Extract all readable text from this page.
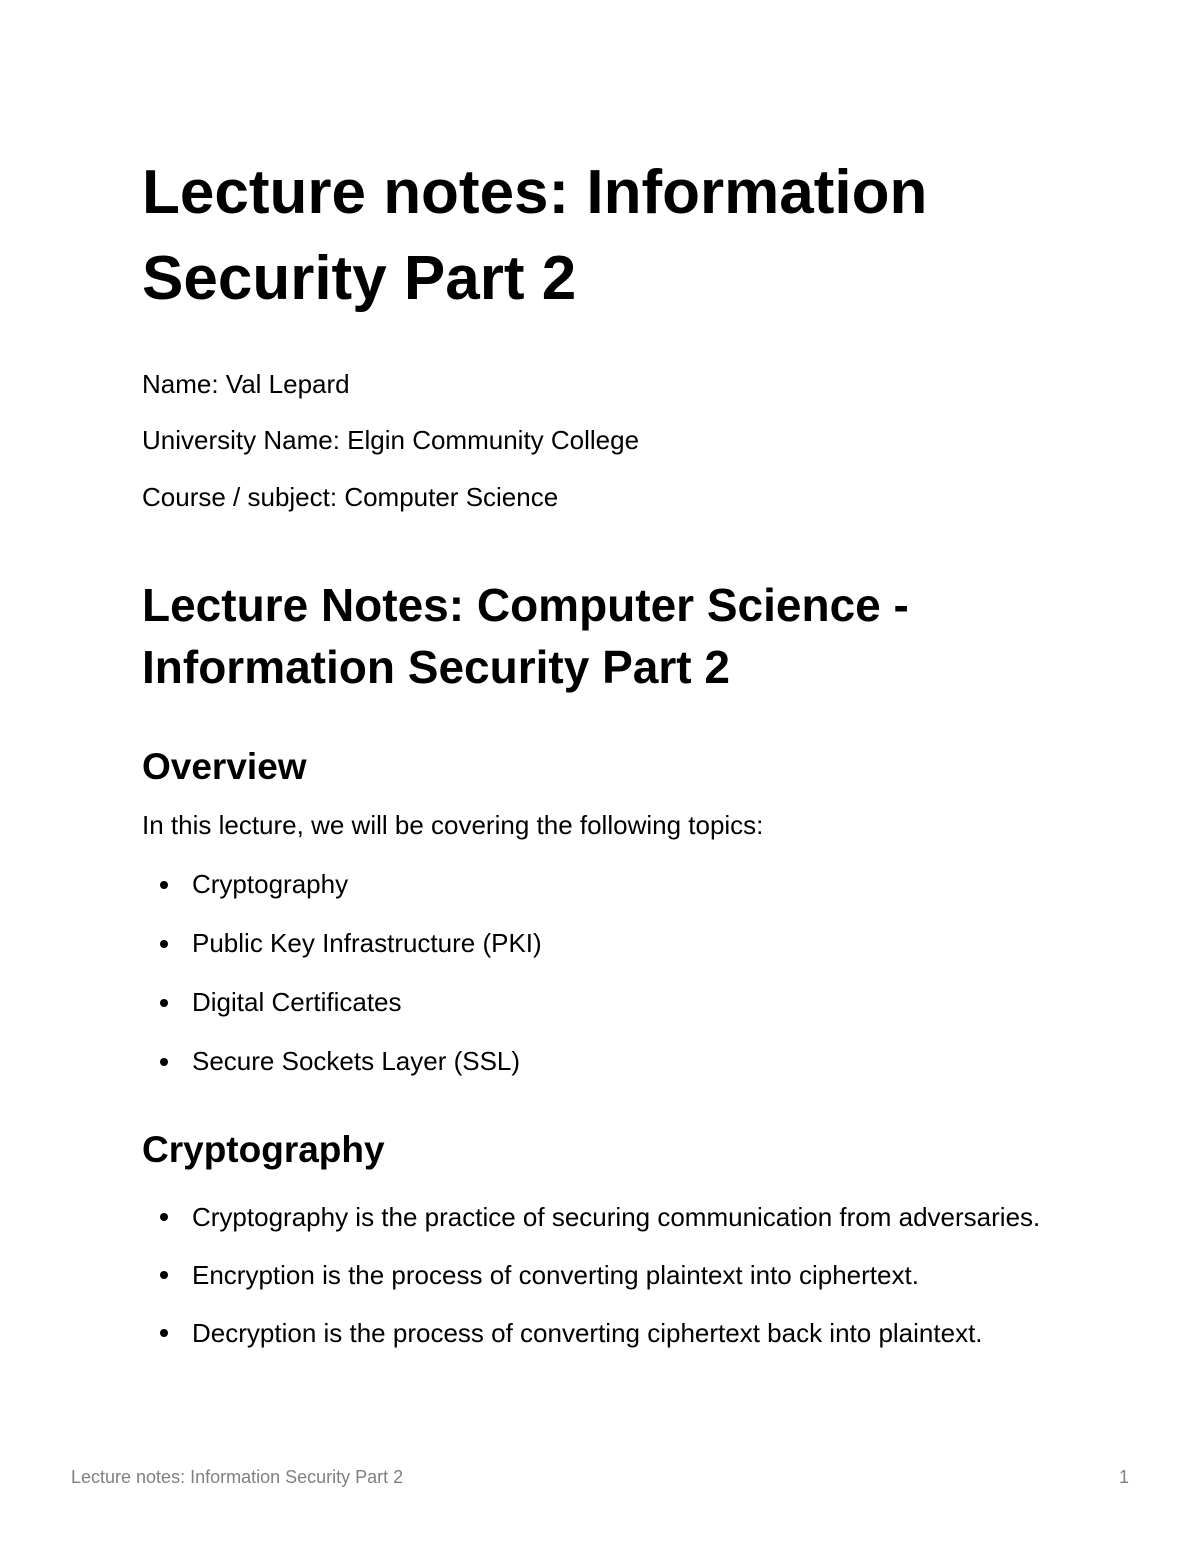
Lecture notes: Information Security Part 2

Name: Val Lepard

University Name: Elgin Community College

Course / subject: Computer Science

Lecture Notes: Computer Science - Information Security Part 2
Overview

In this lecture, we will be covering the following topics:

Cryptography
Public Key Infrastructure (PKI)
Digital Certificates
Secure Sockets Layer (SSL)
Cryptography
Cryptography is the practice of securing communication from adversaries.
Encryption is the process of converting plaintext into ciphertext.
Decryption is the process of converting ciphertext back into plaintext.
Lecture notes: Information Security Part 2	1
